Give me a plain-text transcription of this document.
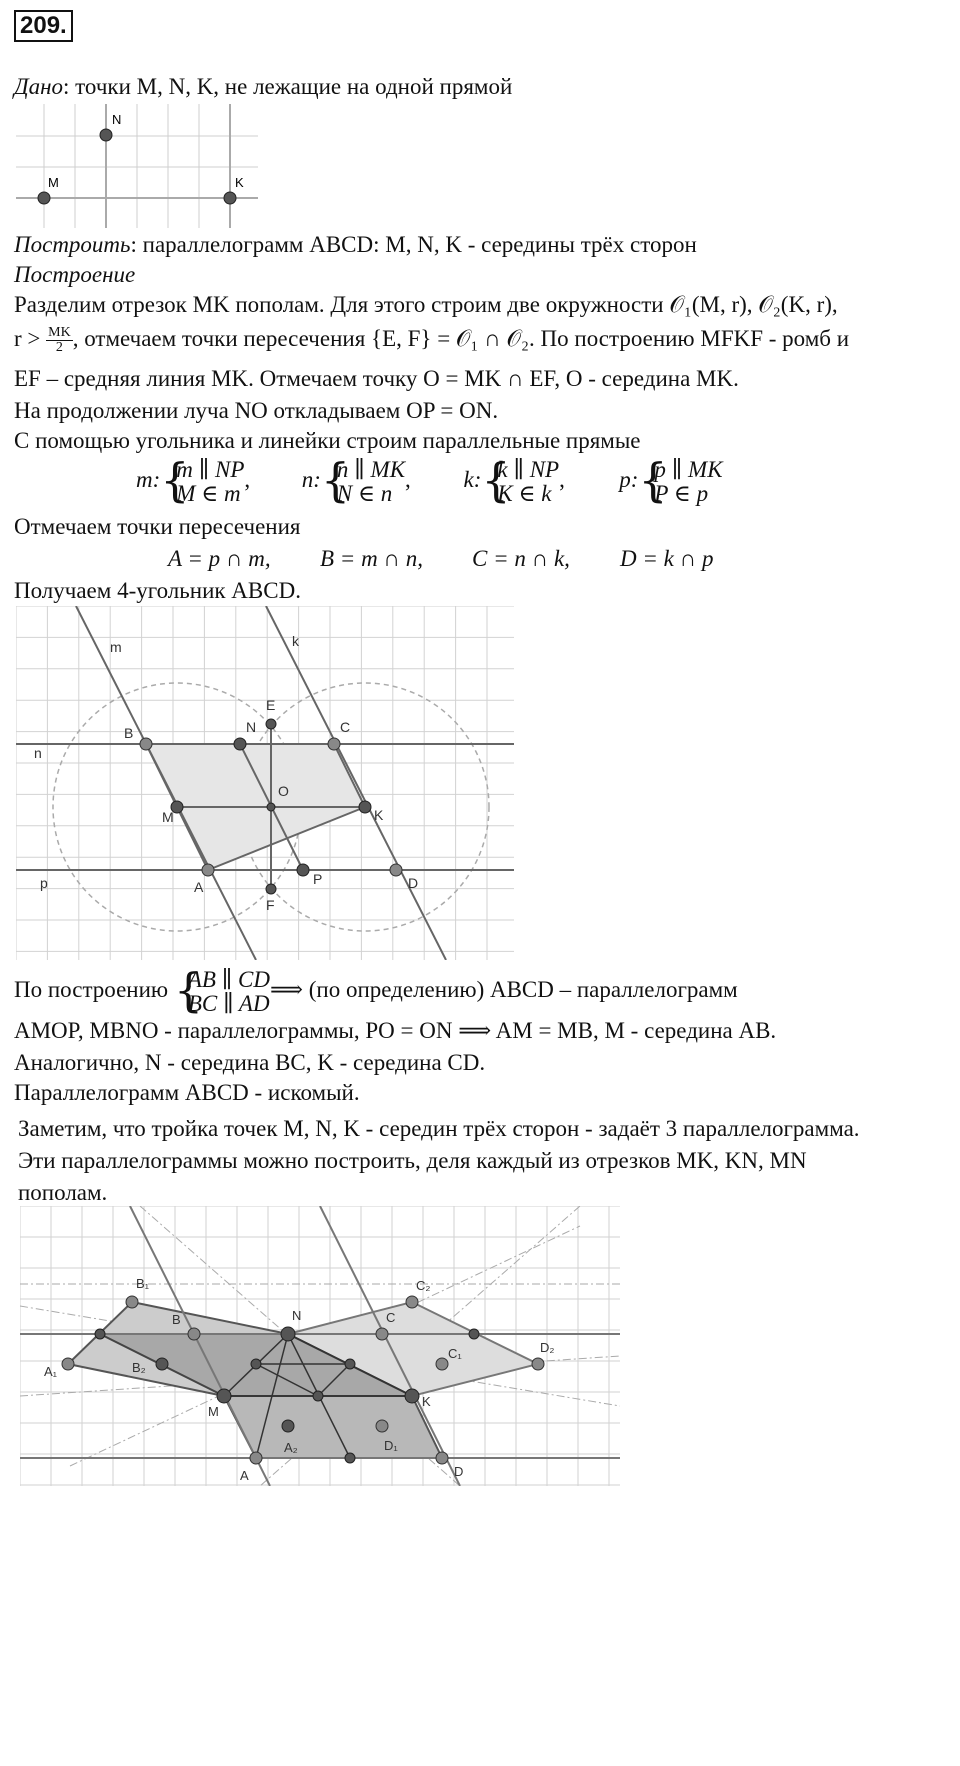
209.
Дано: точки M, N, K, не лежащие на одной прямой
M
N
K
Построить: параллелограмм ABCD: M, N, K - середины трёх сторон
Построение
Разделим отрезок MK пополам. Для этого строим две окружности 𝒪₁(M, r), 𝒪₂(K, r),
$r > \frac{MK}{2}$ , отмечаем точки пересечения {E, F} = 𝒪₁ ∩ 𝒪₂. По построению MFKF - ромб и
EF – средняя линия MK. Отмечаем точку O = MK ∩ EF, O - середина MK.
На продолжении луча NO откладываем OP = ON.
С помощью угольника и линейки строим параллельные прямые
m: {
m ∥ NP
M ∈ m, n: {
n ∥ MK
N ∈ n, k: {
k ∥ NP
K ∈ k, p: {
p ∥ MK
P ∈ p
Отмечаем точки пересечения
A = p ∩ m, B = m ∩ n, C = n ∩ k, D = k ∩ p
Получаем 4-угольник ABCD.
m	k
n
p	A
B	C
D
M
N
K
E
F
O
P
По построению {
AB ∥ CD
BC ∥ AD⟹ (по определению) ABCD – параллелограмм
AMOP, MBNO - параллелограммы, PO = ON ⟹ AM = MB, M - середина AB.
Аналогично, N - середина BC, K - середина CD.
Параллелограмм ABCD - искомый.
Заметим, что тройка точек M, N, K - середин трёх сторон - задаёт 3 параллелограмма.
Эти параллелограммы можно построить, деля каждый из отрезков MK, KN, MN
пополам.
A
B	C
D
M
N
K
A₁
B₁
C₁
D₁
A₂
B₂
C₂
D₂
